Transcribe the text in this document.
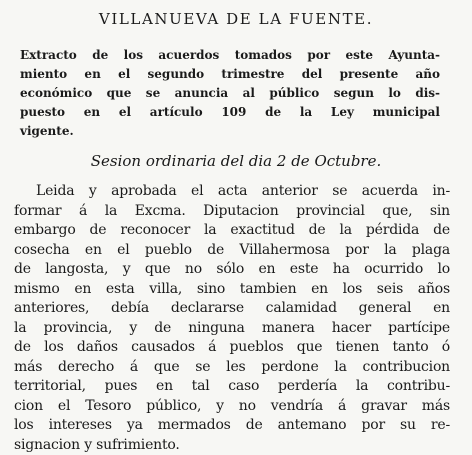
VILLANUEVA DE LA FUENTE.
Extracto de los acuerdos tomados por este Ayunta-
miento en el segundo trimestre del presente año
económico que se anuncia al público segun lo dis-
puesto en el artículo 109 de la Ley municipal
vigente.
Sesion ordinaria del dia 2 de Octubre.
Leida y aprobada el acta anterior se acuerda in-
formar á la Excma. Diputacion provincial que, sin
embargo de reconocer la exactitud de la pérdida de
cosecha en el pueblo de Villahermosa por la plaga
de langosta, y que no sólo en este ha ocurrido lo
mismo en esta villa, sino tambien en los seis años
anteriores, debía declararse calamidad general en
la provincia, y de ninguna manera hacer partícipe
de los daños causados á pueblos que tienen tanto ó
más derecho á que se les perdone la contribucion
territorial, pues en tal caso perdería la contribu-
cion el Tesoro público, y no vendría á gravar más
los intereses ya mermados de antemano por su re-
signacion y sufrimiento.
